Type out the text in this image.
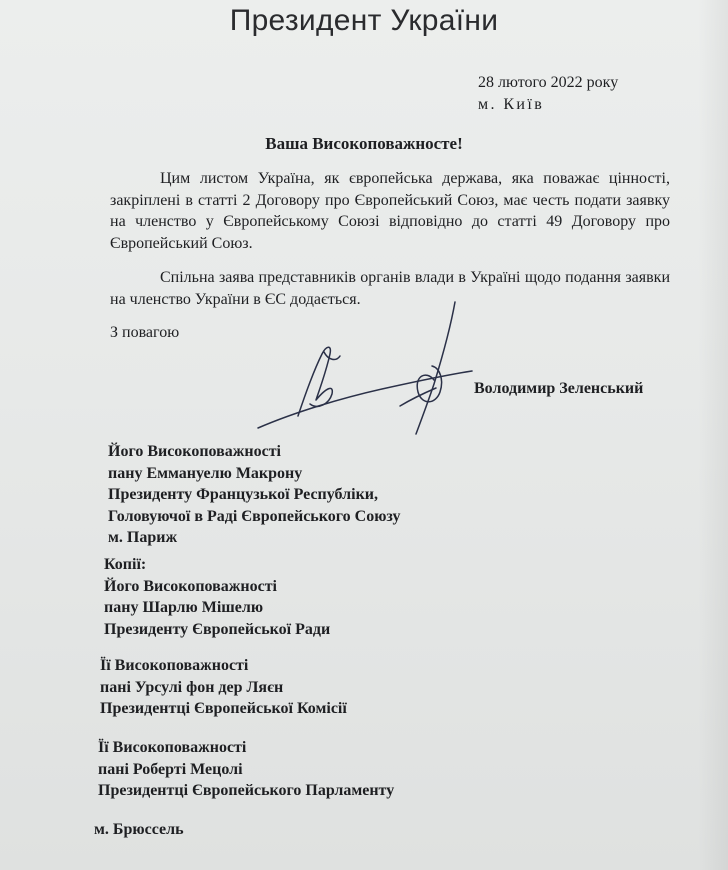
Президент України
28 лютого 2022 року
м. Київ
Ваша Високоповажносте!
Цим листом Україна, як європейська держава, яка поважає цінності, закріплені в статті 2 Договору про Європейський Союз, має честь подати заявку на членство у Європейському Союзі відповідно до статті 49 Договору про Європейський Союз.
Спільна заява представників органів влади в Україні щодо подання заявки на членство України в ЄС додається.
З повагою
Володимир Зеленський
Його Високоповажності
пану Еммануелю Макрону
Президенту Французької Республіки,
Головуючої в Раді Європейського Союзу
м. Париж
Копії:
Його Високоповажності
пану Шарлю Мішелю
Президенту Європейської Ради
Її Високоповажності
пані Урсулі фон дер Ляєн
Президентці Європейської Комісії
Її Високоповажності
пані Роберті Мецолі
Президентці Європейського Парламенту
м. Брюссель
